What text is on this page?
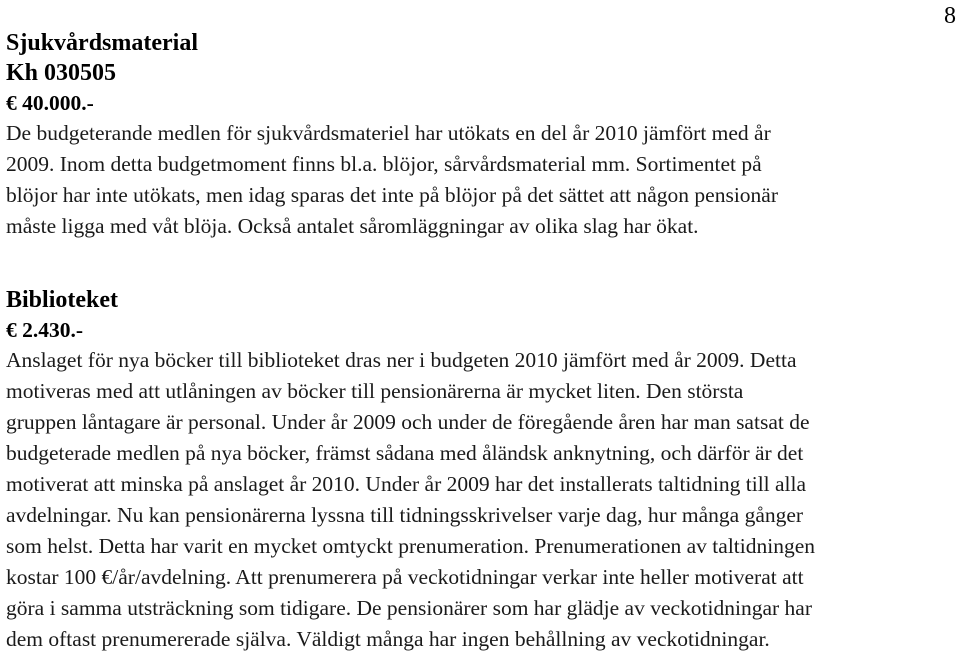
8
Sjukvårdsmaterial
Kh 030505
€ 40.000.-
De budgeterande medlen för sjukvårdsmateriel har utökats en del år 2010 jämfört med år
2009. Inom detta budgetmoment finns bl.a. blöjor, sårvårdsmaterial mm. Sortimentet på
blöjor har inte utökats, men idag sparas det inte på blöjor på det sättet att någon pensionär
måste ligga med våt blöja. Också antalet såromläggningar av olika slag har ökat.
Biblioteket
€ 2.430.-
Anslaget för nya böcker till biblioteket dras ner i budgeten 2010 jämfört med år 2009. Detta
motiveras med att utlåningen av böcker till pensionärerna är mycket liten. Den största
gruppen låntagare är personal. Under år 2009 och under de föregående åren har man satsat de
budgeterade medlen på nya böcker, främst sådana med åländsk anknytning, och därför är det
motiverat att minska på anslaget år 2010. Under år 2009 har det installerats taltidning till alla
avdelningar. Nu kan pensionärerna lyssna till tidningsskrivelser varje dag, hur många gånger
som helst. Detta har varit en mycket omtyckt prenumeration. Prenumerationen av taltidningen
kostar 100 €/år/avdelning. Att prenumerera på veckotidningar verkar inte heller motiverat att
göra i samma utsträckning som tidigare. De pensionärer som har glädje av veckotidningar har
dem oftast prenumererade själva. Väldigt många har ingen behållning av veckotidningar.
